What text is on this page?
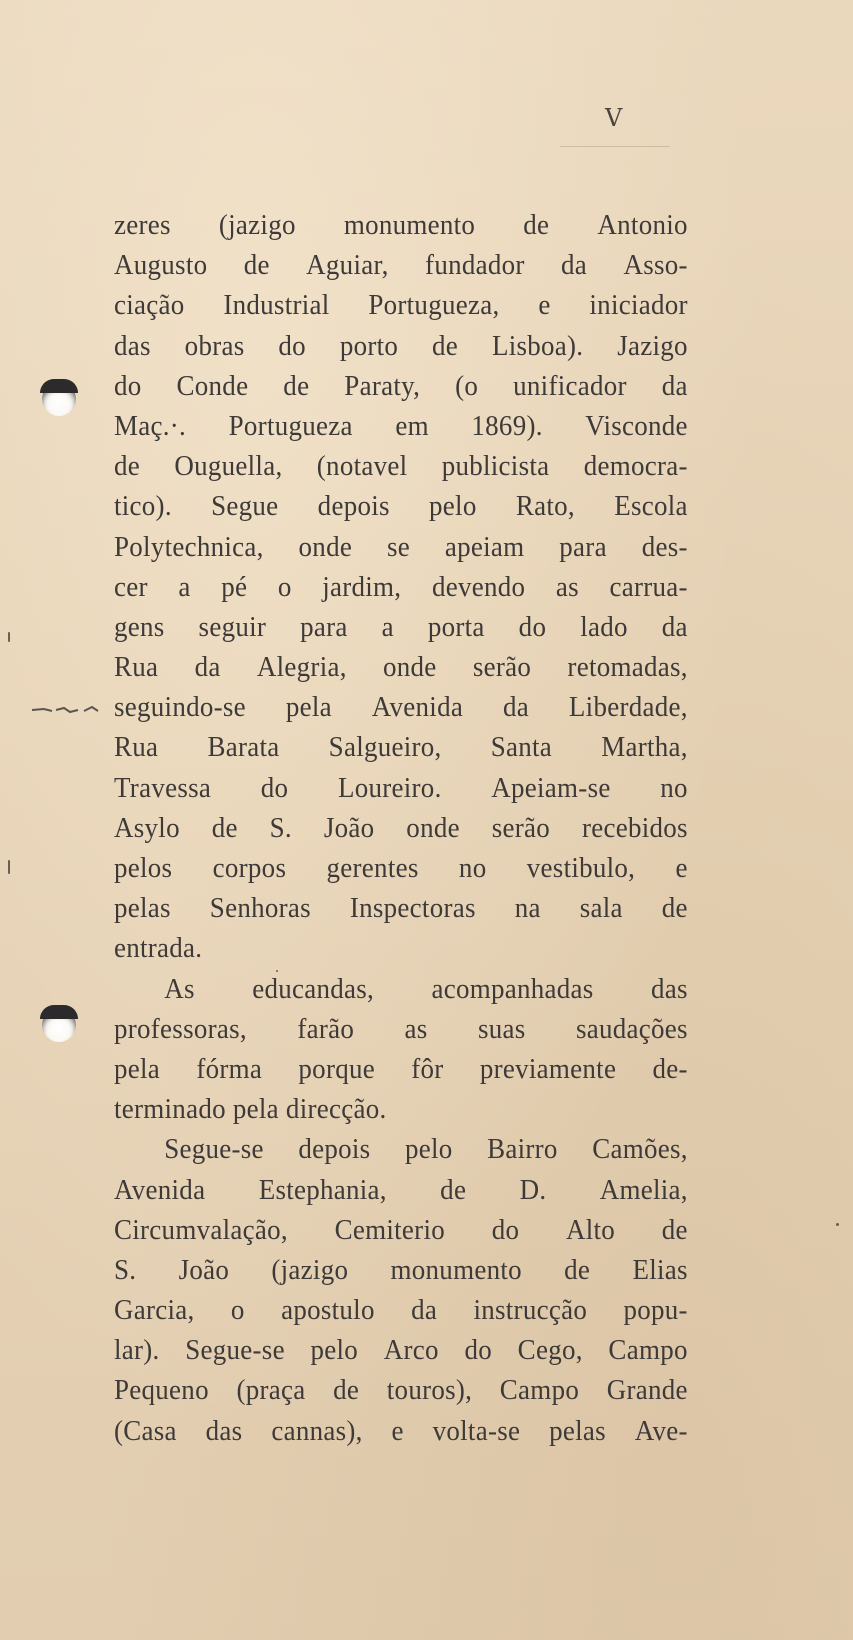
V
zeres (jazigo monumento de Antonio
Augusto de Aguiar, fundador da Asso-
ciação Industrial Portugueza, e iniciador
das obras do porto de Lisboa). Jazigo
do Conde de Paraty, (o unificador da
Maç.·. Portugueza em 1869). Visconde
de Ouguella, (notavel publicista democra-
tico). Segue depois pelo Rato, Escola
Polytechnica, onde se apeiam para des-
cer a pé o jardim, devendo as carrua-
gens seguir para a porta do lado da
Rua da Alegria, onde serão retomadas,
seguindo-se pela Avenida da Liberdade,
Rua Barata Salgueiro, Santa Martha,
Travessa do Loureiro. Apeiam-se no
Asylo de S. João onde serão recebidos
pelos corpos gerentes no vestibulo, e
pelas Senhoras Inspectoras na sala de
entrada.
As educandas, acompanhadas das
professoras, farão as suas saudações
pela fórma porque fôr previamente de-
terminado pela direcção.
Segue-se depois pelo Bairro Camões,
Avenida Estephania, de D. Amelia,
Circumvalação, Cemiterio do Alto de
S. João (jazigo monumento de Elias
Garcia, o apostulo da instrucção popu-
lar). Segue-se pelo Arco do Cego, Campo
Pequeno (praça de touros), Campo Grande
(Casa das cannas), e volta-se pelas Ave-
